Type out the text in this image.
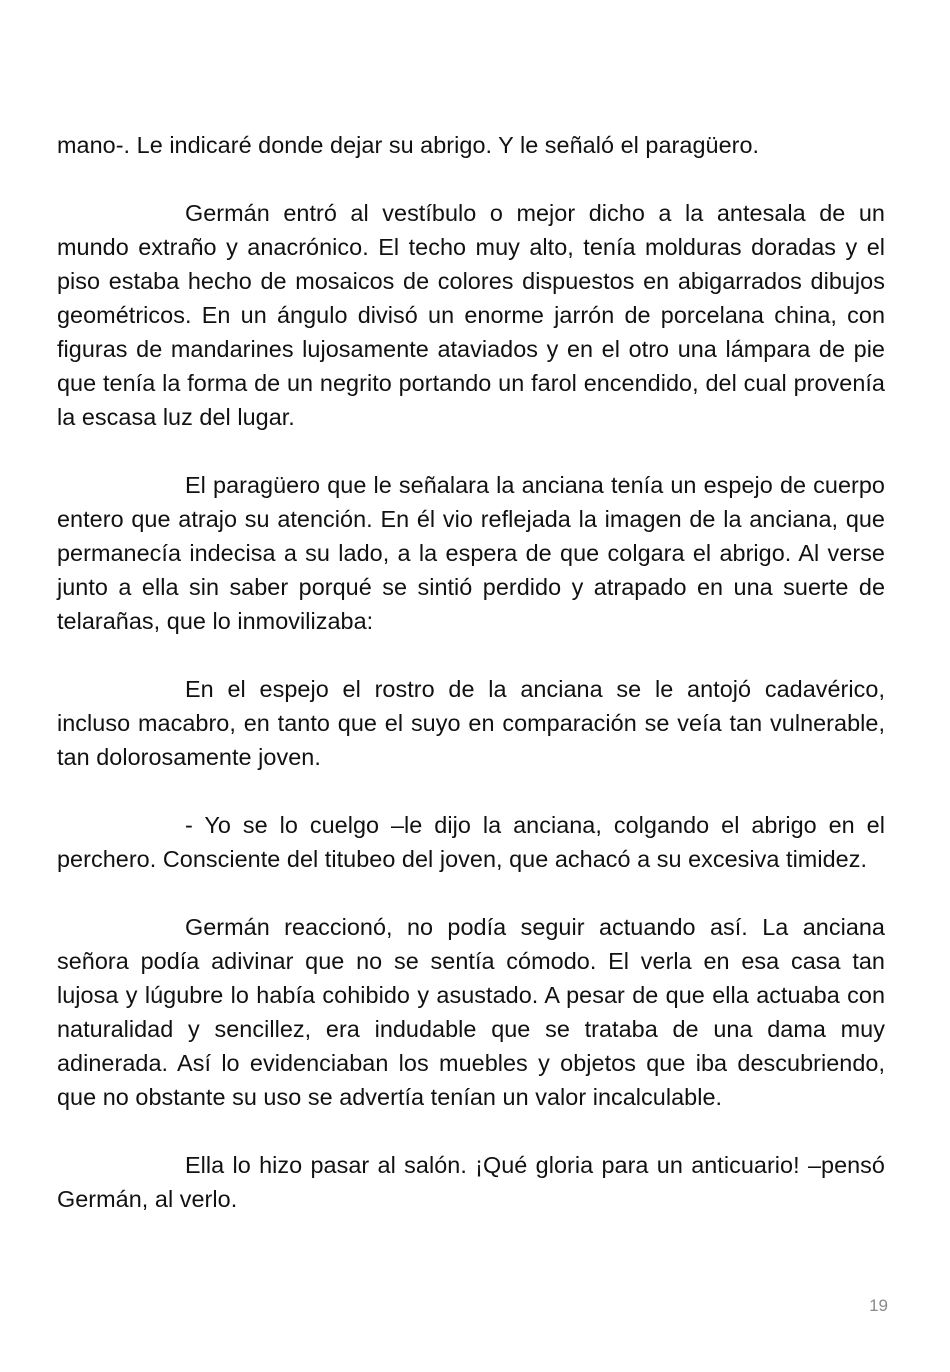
mano-. Le indicaré donde dejar su abrigo. Y le señaló el paragüero.

Germán entró al vestíbulo o mejor dicho a la antesala de un mundo extraño y anacrónico. El techo muy alto, tenía molduras doradas y el piso estaba hecho de mosaicos de colores dispuestos en abigarrados dibujos geométricos. En un ángulo divisó un enorme jarrón de porcelana china, con figuras de mandarines lujosamente ataviados y en el otro una lámpara de pie que tenía la forma de un negrito portando un farol encendido, del cual provenía la escasa luz del lugar.

El paragüero que le señalara la anciana tenía un espejo de cuerpo entero que atrajo su atención. En él vio reflejada la imagen de la anciana, que permanecía indecisa a su lado, a la espera de que colgara el abrigo. Al verse junto a ella sin saber porqué se sintió perdido y atrapado en una suerte de telarañas, que lo inmovilizaba:

En el espejo el rostro de la anciana se le antojó cadavérico, incluso macabro, en tanto que el suyo en comparación se veía tan vulnerable, tan dolorosamente joven.

- Yo se lo cuelgo –le dijo la anciana, colgando el abrigo en el perchero. Consciente del titubeo del joven, que achacó a su excesiva timidez.

Germán reaccionó, no podía seguir actuando así. La anciana señora podía adivinar que no se sentía cómodo. El verla en esa casa tan lujosa y lúgubre lo había cohibido y asustado. A pesar de que ella actuaba con naturalidad y sencillez, era indudable que se trataba de una dama muy adinerada. Así lo evidenciaban los muebles y objetos que iba descubriendo, que no obstante su uso se advertía tenían un valor incalculable.

Ella lo hizo pasar al salón. ¡Qué gloria para un anticuario! –pensó Germán, al verlo.

19
